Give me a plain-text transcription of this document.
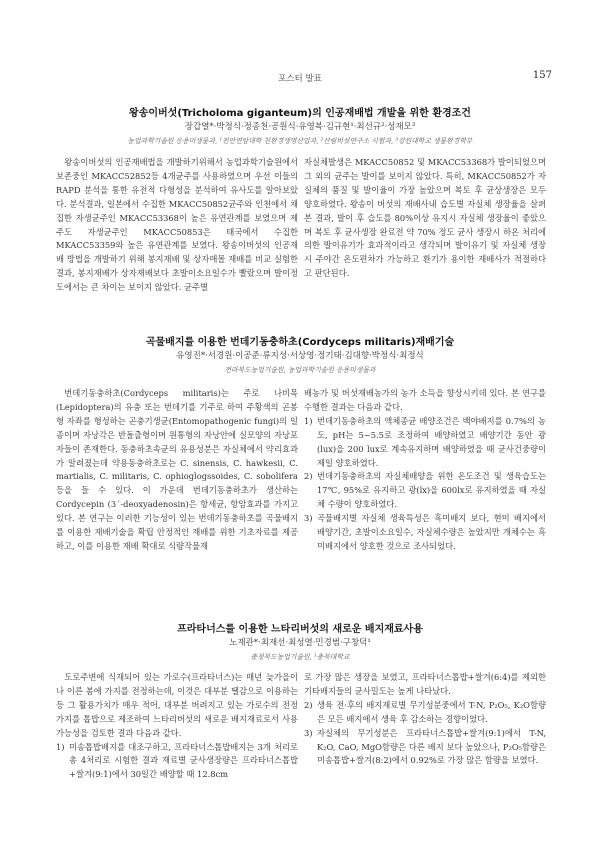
포스터 발표	157
왕송이버섯(Tricholoma giganteum)의 인공재배법 개발을 위한 환경조건
장갑열*·박정식·정종천·공원식·유영복·김규현¹·최선규²·성재모³
농업과학기술원 응용미생물과, ¹천안연암대학 친환경생명산업과, ²산림버섯연구소 시험과, ³강원대학교 생물환경학부

왕송이버섯의 인공재배법을 개발하기위해서 농업과학기술원에서 보존중인 MKACC52852등 4개균주를 사용하였으며 우선 이들의 RAPD 분석을 통한 유전적 다형성을 분석하여 유사도를 알아보았다. 분석결과, 일본에서 수집한 MKACC50852균주와 인천에서 채집한 자생균주인 MKACC53368이 높은 유연관계를 보였으며 제주도 자생균주인 MKACC50853은 태국에서 수집한 MKACC53359와 높은 유연관계를 보였다. 왕송이버섯의 인공재배 방법을 개발하기 위해 봉지재배 및 상자매몰 재배를 비교 실험한 결과, 봉지재배가 상자재배보다 초발이소요일수가 빨랐으며 발이정도에서는 큰 차이는 보이지 않았다. 균주별

자실체발생은 MKACC50852 및 MKACC53368가 발이되었으며 그 외의 균주는 발이를 보이지 않았다. 특히, MKACC50852가 자실체의 품질 및 발이율이 가장 높았으며 복토 후 균상생장은 모두 양호하였다. 왕송이 버섯의 재배사내 습도별 자실체 생장율을 살펴본 결과, 발이 후 습도를 80%이상 유지시 자실체 생장율이 좋았으며 복토 후 균사생장 완료전 약 70% 정도 균사 생장시 하온 처리에 의한 발이유기가 효과적이라고 생각되며 발이유기 및 자실체 생장시 주야간 온도편차가 가능하고 환기가 용이한 재배사가 적절하다고 판단된다.

곡물배지를 이용한 번데기동충하초(Cordyceps militaris)재배기술
유영진*·서경원·이공준·류지성·서상영·정기태·김대향·박정식·최정식
전라북도농업기술원, 농업과학기술원 응용미생물과

번데기동충하초(Cordyceps militaris)는 주로 나비목(Lepidoptera)의 유충 또는 번데기를 기주로 하여 주황색의 곤봉형 자좌를 형성하는 곤충기생균(Entomopathogenic fungi)의 일종이며 자낭각은 반돌출형이며 원통형의 자낭안에 실모양의 자낭포자들이 존재한다. 동충하초속균의 유용성분은 자실체에서 약리효과가 알려졌는데 약용동충하초로는 C. sinensis, C. hawkesii, C. martialis, C. militaris, C. ophioglogssoides, C. sobolifera 등을 들 수 있다. 이 가운데 번데기동충하초가 생산하는 Cordycepin (3´-deoxyadenosin)은 항세균, 항암효과를 가지고 있다. 본 연구는 이러한 기능성이 있는 번데기동충하초를 곡물배지를 이용한 재배기술을 확립 안정적인 재배를 위한 기초자료를 제공하고, 이를 이용한 재배 확대로 식량작물재

배농가 및 버섯재배농가의 농가 소득을 향상시키데 있다. 본 연구를 수행한 결과는 다음과 같다.

1) 번데기동충하초의 액체종균 배양조건은 백야배지를 0.7%의 농도, pH는 5~5.5로 조정하여 배양하였고 배양기간 동안 광(lux)을 200 lux로 계속유지하며 배양하였을 때 균사건중량이 제일 양호하였다.
2) 번데기동충하초의 자실체배양을 위한 온도조건 및 생육습도는 17℃, 95%로 유지하고 광(lx)을 600lx로 유지하였을 때 자실체 수량이 양호하였다.
3) 곡물배지별 자실체 생육특성은 흑미배지 보다, 현미 배지에서 배양기간, 초발이소요일수, 자실체수량은 높았지만 개체수는 흑미배지에서 양호한 것으로 조사되었다.
프라타너스를 이용한 느타리버섯의 새로운 배지재료사용
노재관*·최재선·최성열·민경범·구창덕¹
충청북도농업기술원, ¹충북대학교

도로주변에 식재되어 있는 가로수(프라타너스)는 매년 늦가을이나 이른 봄에 가지를 전정하는데, 이것은 대부분 땔감으로 이용하는 등 그 활용가치가 매우 적어, 대부분 버려지고 있는 가로수의 전정가지를 톱밥으로 제조하여 느타리버섯의 새로운 배지재료로서 사용 가능성을 검토한 결과 다음과 같다.

1) 미송톱밥배지를 대조구하고, 프라타너스톱밥배지는 3개 처리로 총 4처리로 시험한 결과 재료별 균사생장량은 프라타너스톱밥+쌀겨(9:1)에서 30일간 배양할 때 12.8cm

로 가장 많은 생장을 보였고, 프라타너스톱밥+쌀겨(6:4)를 제외한 기타배지들의 균사밀도는 높게 나타났다.

2) 생육 전·후의 배지재료별 무기성분중에서 T-N, P₂O₅, K₂O함량은 모든 배지에서 생육 후 감소하는 경향이었다.
3) 자실체의 무기성분은 프라타너스톱밥+쌀겨(9:1)에서 T-N, K₂O, CaO, MgO함량은 다른 배지 보다 높았으나, P₂O₅함량은 미송톱밥+쌀겨(8:2)에서 0.92%로 가장 많은 함량을 보였다.
